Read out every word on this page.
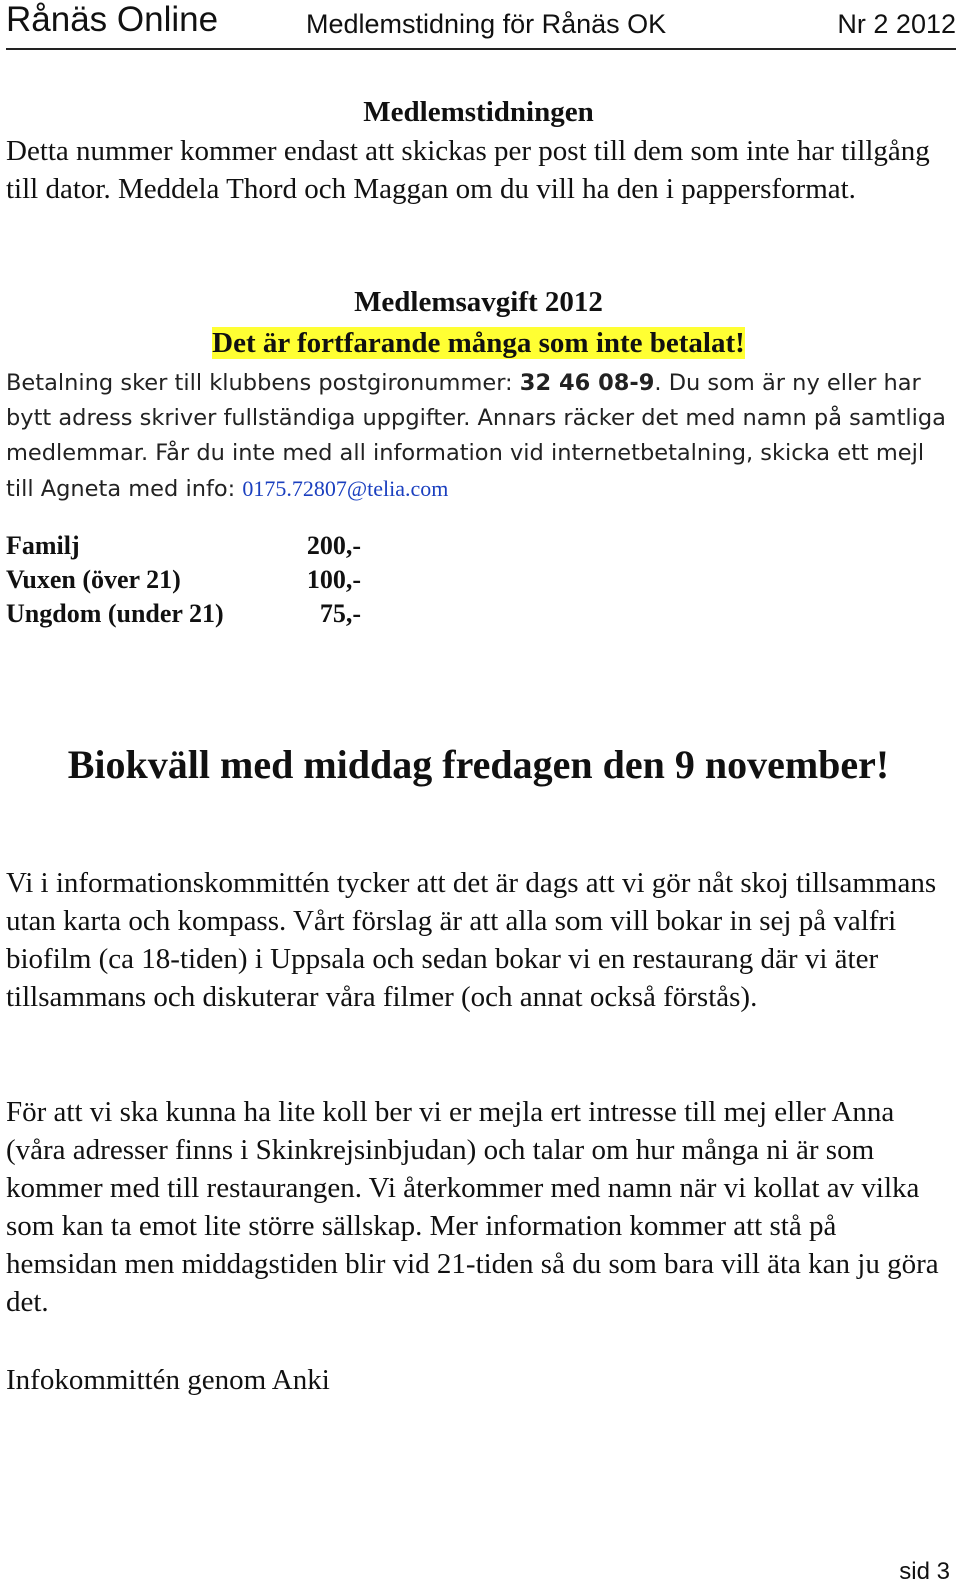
Rånäs Online	Medlemstidning för Rånäs OK	Nr 2 2012
Medlemstidningen
Detta nummer kommer endast att skickas per post till dem som inte har tillgång till dator. Meddela Thord och Maggan om du vill ha den i pappersformat.
Medlemsavgift 2012
Det är fortfarande många som inte betalat!
Betalning sker till klubbens postgironummer: 32 46 08-9. Du som är ny eller har bytt adress skriver fullständiga uppgifter. Annars räcker det med namn på samtliga medlemmar. Får du inte med all information vid internetbetalning, skicka ett mejl till Agneta med info: 0175.72807@telia.com
Familj	200,-
Vuxen (över 21)	100,-
Ungdom (under 21)	75,-
Biokväll med middag fredagen den 9 november!
Vi i informationskommittén tycker att det är dags att vi gör nåt skoj tillsammans utan karta och kompass. Vårt förslag är att alla som vill bokar in sej på valfri biofilm (ca 18-tiden) i Uppsala och sedan bokar vi en restaurang där vi äter tillsammans och diskuterar våra filmer (och annat också förstås).
För att vi ska kunna ha lite koll ber vi er mejla ert intresse till mej eller Anna (våra adresser finns i Skinkrejsinbjudan) och talar om hur många ni är som kommer med till restaurangen. Vi återkommer med namn när vi kollat av vilka som kan ta emot lite större sällskap. Mer information kommer att stå på hemsidan men middagstiden blir vid 21-tiden så du som bara vill äta kan ju göra det.
Infokommittén genom Anki
sid 3
